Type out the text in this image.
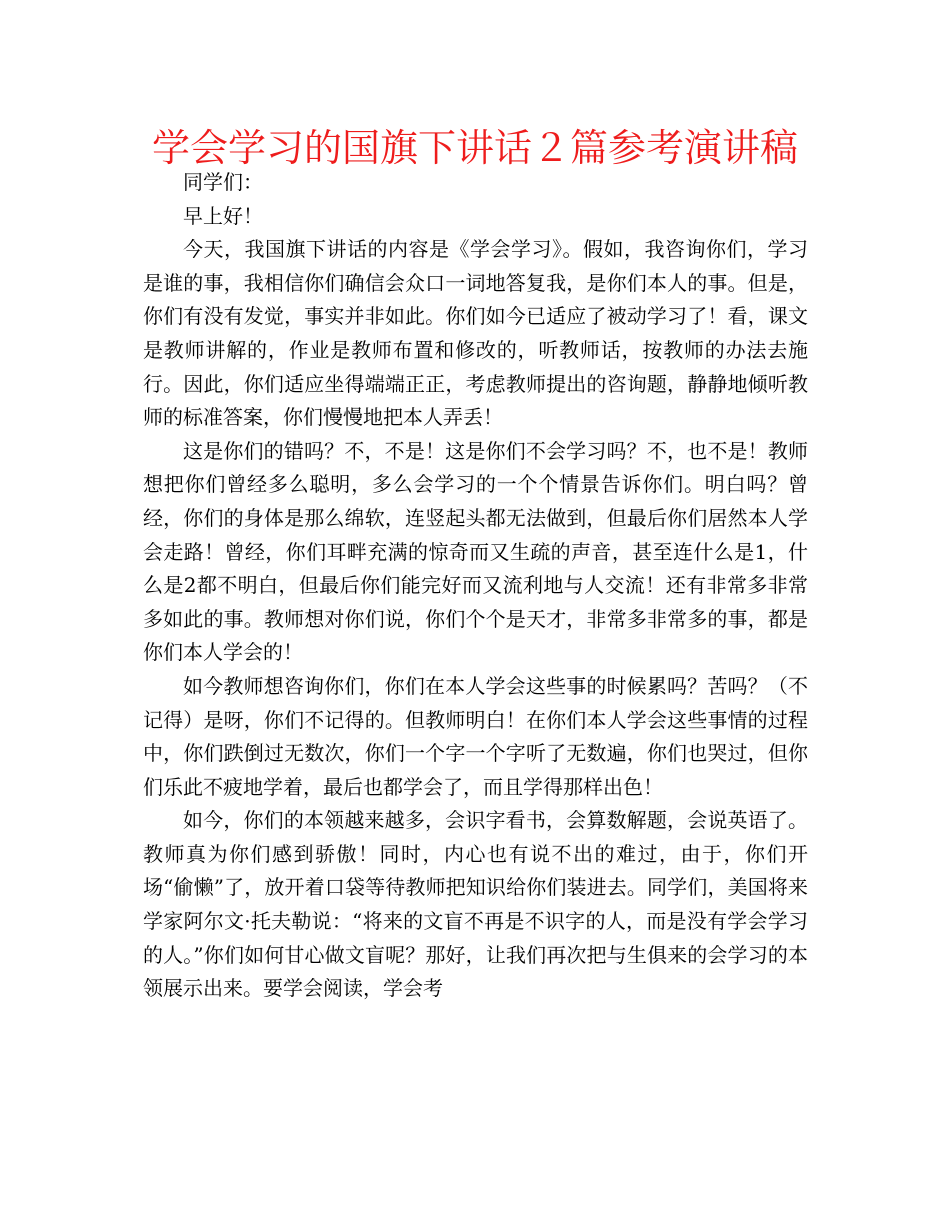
学会学习的国旗下讲话２篇参考演讲稿

同学们：

早上好！

今天，我国旗下讲话的内容是《学会学习》。假如，我咨询你们，学习是谁的事，我相信你们确信会众口一词地答复我，是你们本人的事。但是，你们有没有发觉，事实并非如此。你们如今已适应了被动学习了！看，课文是教师讲解的，作业是教师布置和修改的，听教师话，按教师的办法去施行。因此，你们适应坐得端端正正，考虑教师提出的咨询题，静静地倾听教师的标准答案，你们慢慢地把本人弄丢！

这是你们的错吗？不，不是！这是你们不会学习吗？不，也不是！教师想把你们曾经多么聪明，多么会学习的一个个情景告诉你们。明白吗？曾经，你们的身体是那么绵软，连竖起头都无法做到，但最后你们居然本人学会走路！曾经，你们耳畔充满的惊奇而又生疏的声音，甚至连什么是1，什么是2都不明白，但最后你们能完好而又流利地与人交流！还有非常多非常多如此的事。教师想对你们说，你们个个是天才，非常多非常多的事，都是你们本人学会的！

如今教师想咨询你们，你们在本人学会这些事的时候累吗？苦吗？（不记得）是呀，你们不记得的。但教师明白！在你们本人学会这些事情的过程中，你们跌倒过无数次，你们一个字一个字听了无数遍，你们也哭过，但你们乐此不疲地学着，最后也都学会了，而且学得那样出色！

如今，你们的本领越来越多，会识字看书，会算数解题，会说英语了。教师真为你们感到骄傲！同时，内心也有说不出的难过，由于，你们开场“偷懒”了，放开着口袋等待教师把知识给你们装进去。同学们，美国将来学家阿尔文·托夫勒说：“将来的文盲不再是不识字的人，而是没有学会学习的人。”你们如何甘心做文盲呢？那好，让我们再次把与生俱来的会学习的本领展示出来。要学会阅读，学会考
